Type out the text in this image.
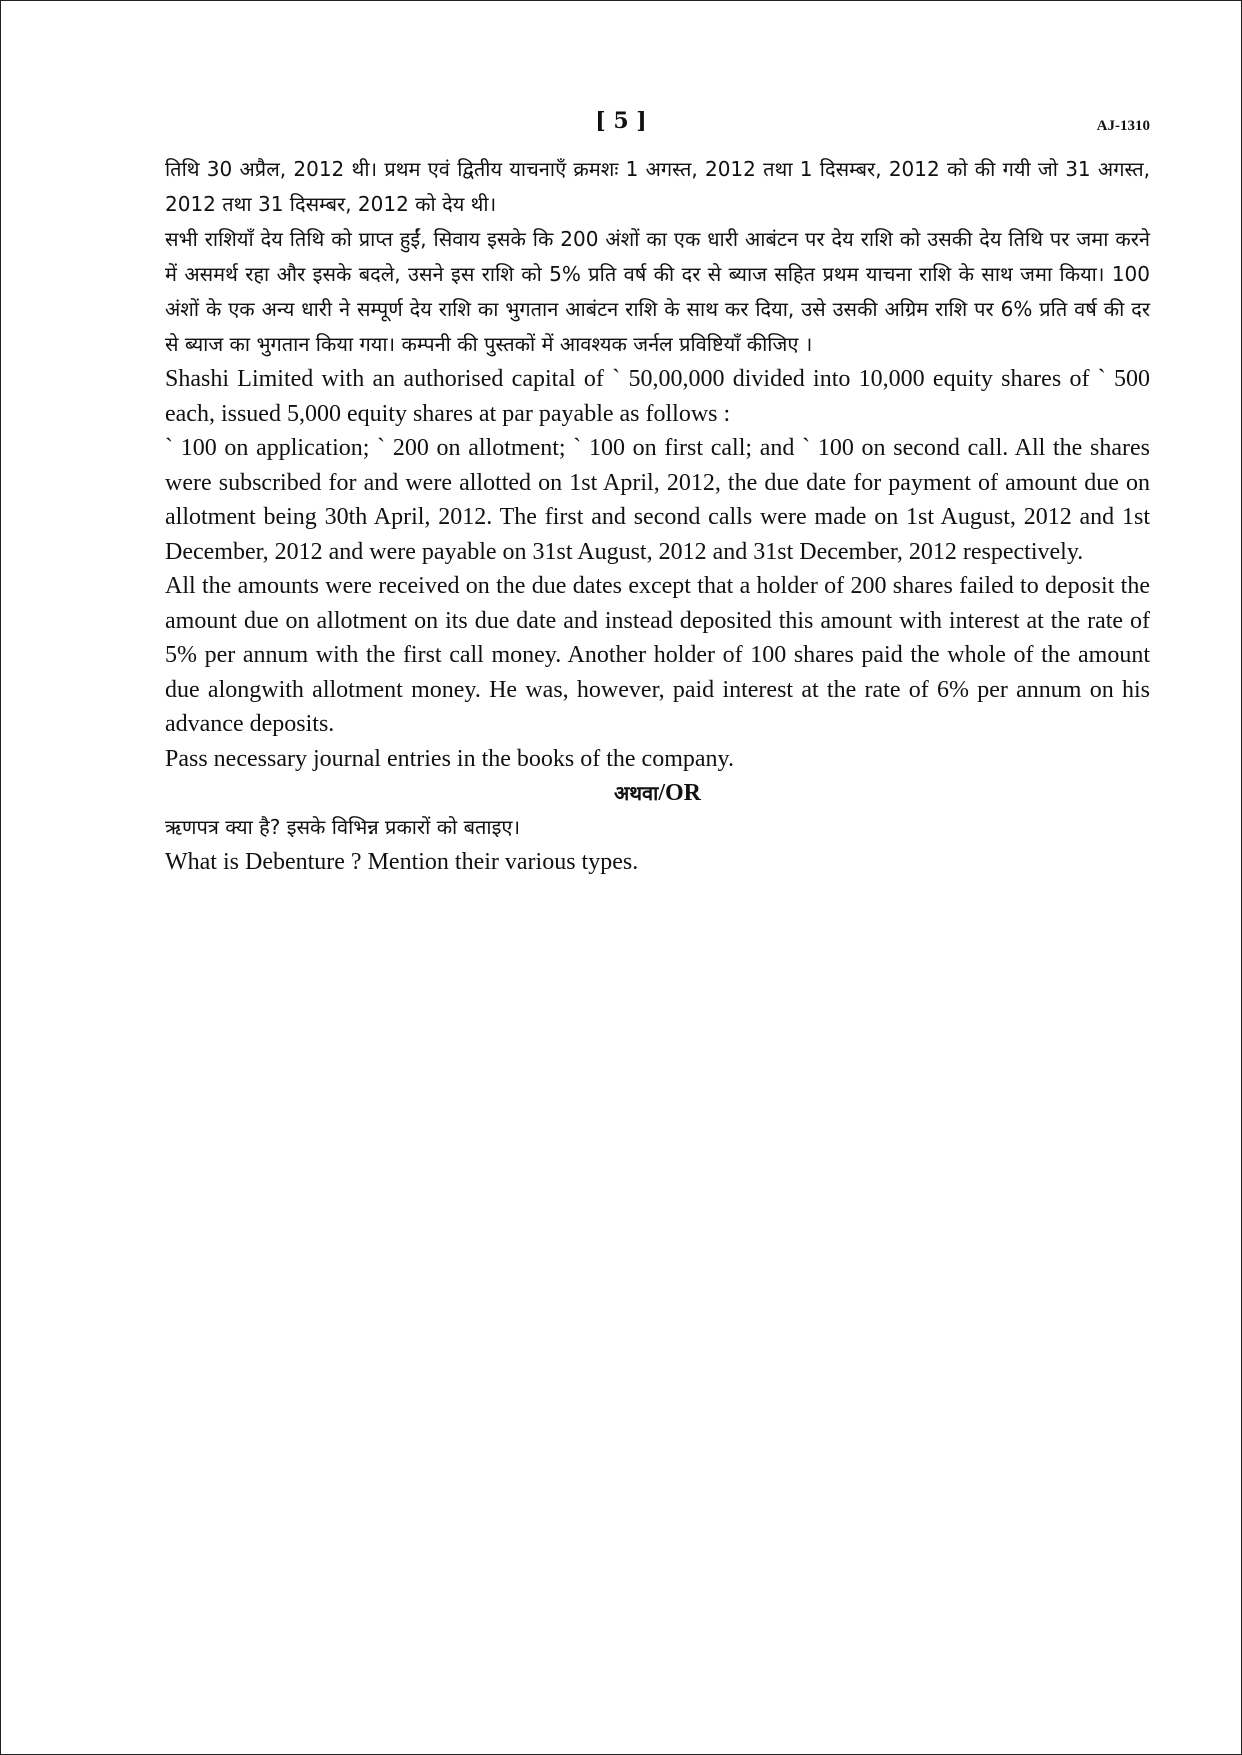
[ 5 ]	AJ-1310

तिथि 30 अप्रैल, 2012 थी। प्रथम एवं द्वितीय याचनाएँ क्रमशः 1 अगस्त, 2012 तथा 1 दिसम्बर, 2012 को की गयी जो 31 अगस्त, 2012 तथा 31 दिसम्बर, 2012 को देय थी।

सभी राशियाँ देय तिथि को प्राप्त हुईं, सिवाय इसके कि 200 अंशों का एक धारी आबंटन पर देय राशि को उसकी देय तिथि पर जमा करने में असमर्थ रहा और इसके बदले, उसने इस राशि को 5% प्रति वर्ष की दर से ब्याज सहित प्रथम याचना राशि के साथ जमा किया। 100 अंशों के एक अन्य धारी ने सम्पूर्ण देय राशि का भुगतान आबंटन राशि के साथ कर दिया, उसे उसकी अग्रिम राशि पर 6% प्रति वर्ष की दर से ब्याज का भुगतान किया गया। कम्पनी की पुस्तकों में आवश्यक जर्नल प्रविष्टियाँ कीजिए ।

Shashi Limited with an authorised capital of ` 50,00,000 divided into 10,000 equity shares of ` 500 each, issued 5,000 equity shares at par payable as follows :

` 100 on application; ` 200 on allotment; ` 100 on first call; and ` 100 on second call. All the shares were subscribed for and were allotted on 1st April, 2012, the due date for payment of amount due on allotment being 30th April, 2012. The first and second calls were made on 1st August, 2012 and 1st December, 2012 and were payable on 31st August, 2012 and 31st December, 2012 respectively.

All the amounts were received on the due dates except that a holder of 200 shares failed to deposit the amount due on allotment on its due date and instead deposited this amount with interest at the rate of 5% per annum with the first call money. Another holder of 100 shares paid the whole of the amount due alongwith allotment money. He was, however, paid interest at the rate of 6% per annum on his advance deposits.

Pass necessary journal entries in the books of the company.

अथवा/OR

ऋणपत्र क्या है? इसके विभिन्न प्रकारों को बताइए।

What is Debenture ? Mention their various types.
